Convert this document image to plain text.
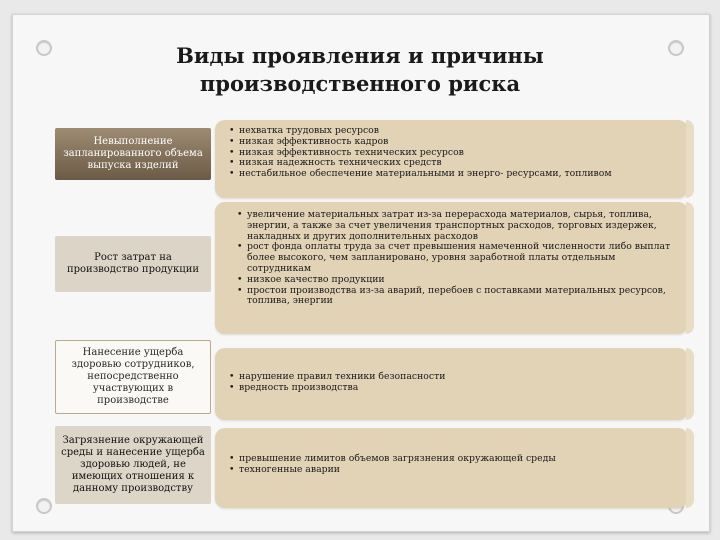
Виды проявления и причины
производственного риска
• нехватка трудовых ресурсов
• низкая эффективность кадров
• низкая эффективность технических ресурсов
• низкая надежность технических средств
• нестабильное обеспечение материальными и энерго- ресурсами, топливом
Невыполнение запланированного объема выпуска изделий
• увеличение материальных затрат из-за перерасхода материалов, сырья, топлива, энергии, а также за счет увеличения транспортных расходов, торговых издержек, накладных и других дополнительных расходов
• рост фонда оплаты труда за счет превышения намеченной численности либо выплат более высокого, чем запланировано, уровня заработной платы отдельным сотрудникам
• низкое качество продукции
• простои производства из-за аварий, перебоев с поставками материальных ресурсов, топлива, энергии
Рост затрат на производство продукции
• нарушение правил техники безопасности
• вредность производства
Нанесение ущерба здоровью сотрудников, непосредственно участвующих в производстве
• превышение лимитов объемов загрязнения окружающей среды
• техногенные аварии
Загрязнение окружающей среды и нанесение ущерба здоровью людей, не имеющих отношения к данному производству
